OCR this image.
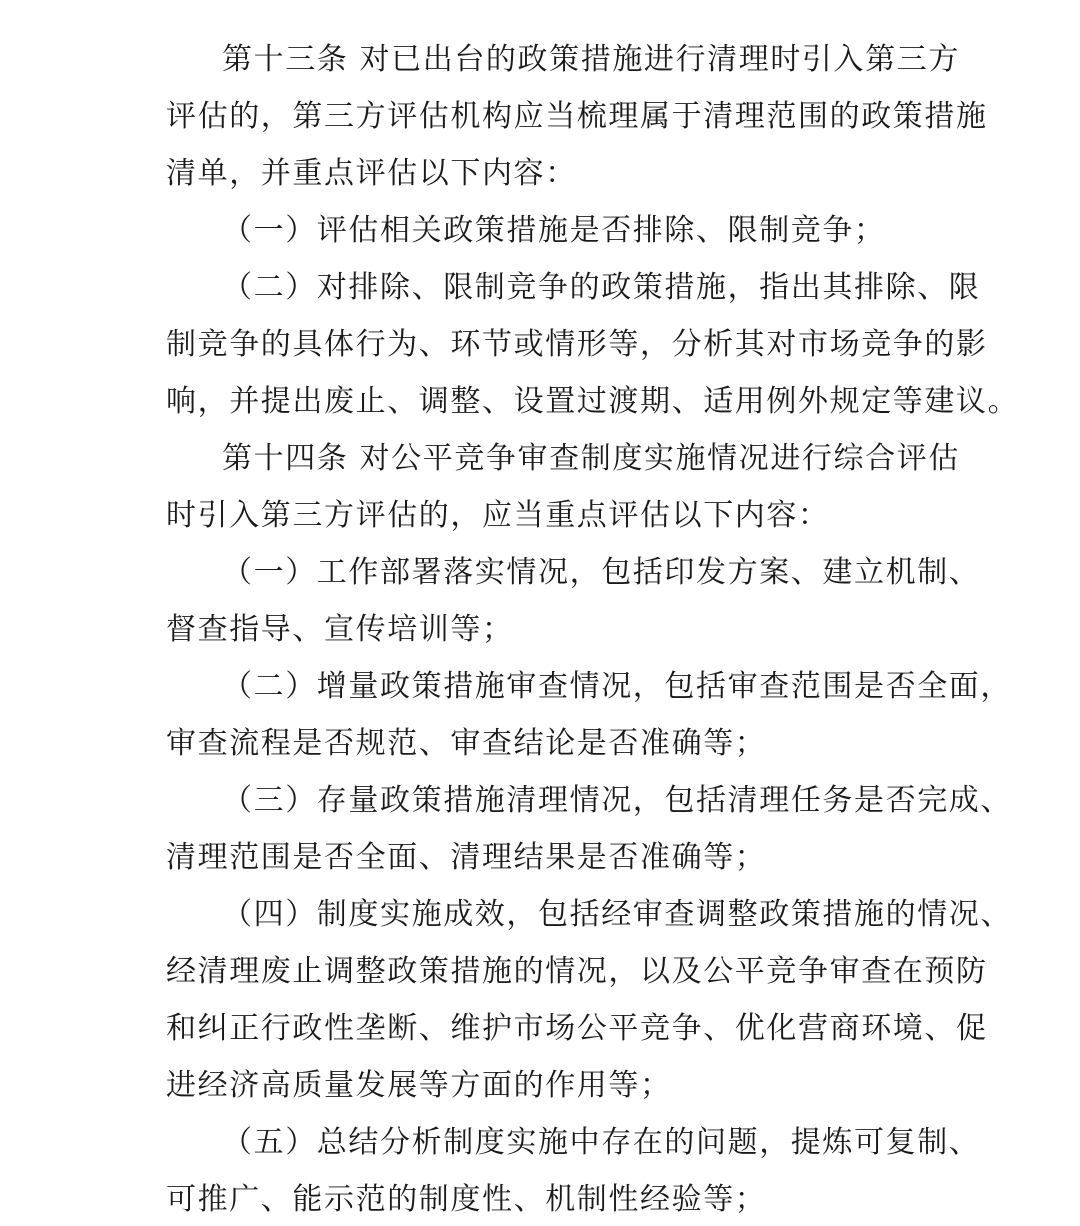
第十三条 对已出台的政策措施进行清理时引入第三方
评估的，第三方评估机构应当梳理属于清理范围的政策措施
清单，并重点评估以下内容：
（一）评估相关政策措施是否排除、限制竞争；
（二）对排除、限制竞争的政策措施，指出其排除、限
制竞争的具体行为、环节或情形等，分析其对市场竞争的影
响，并提出废止、调整、设置过渡期、适用例外规定等建议。
第十四条 对公平竞争审查制度实施情况进行综合评估
时引入第三方评估的，应当重点评估以下内容：
（一）工作部署落实情况，包括印发方案、建立机制、
督查指导、宣传培训等；
（二）增量政策措施审查情况，包括审查范围是否全面，
审查流程是否规范、审查结论是否准确等；
（三）存量政策措施清理情况，包括清理任务是否完成、
清理范围是否全面、清理结果是否准确等；
（四）制度实施成效，包括经审查调整政策措施的情况、
经清理废止调整政策措施的情况，以及公平竞争审查在预防
和纠正行政性垄断、维护市场公平竞争、优化营商环境、促
进经济高质量发展等方面的作用等；
（五）总结分析制度实施中存在的问题，提炼可复制、
可推广、能示范的制度性、机制性经验等；
